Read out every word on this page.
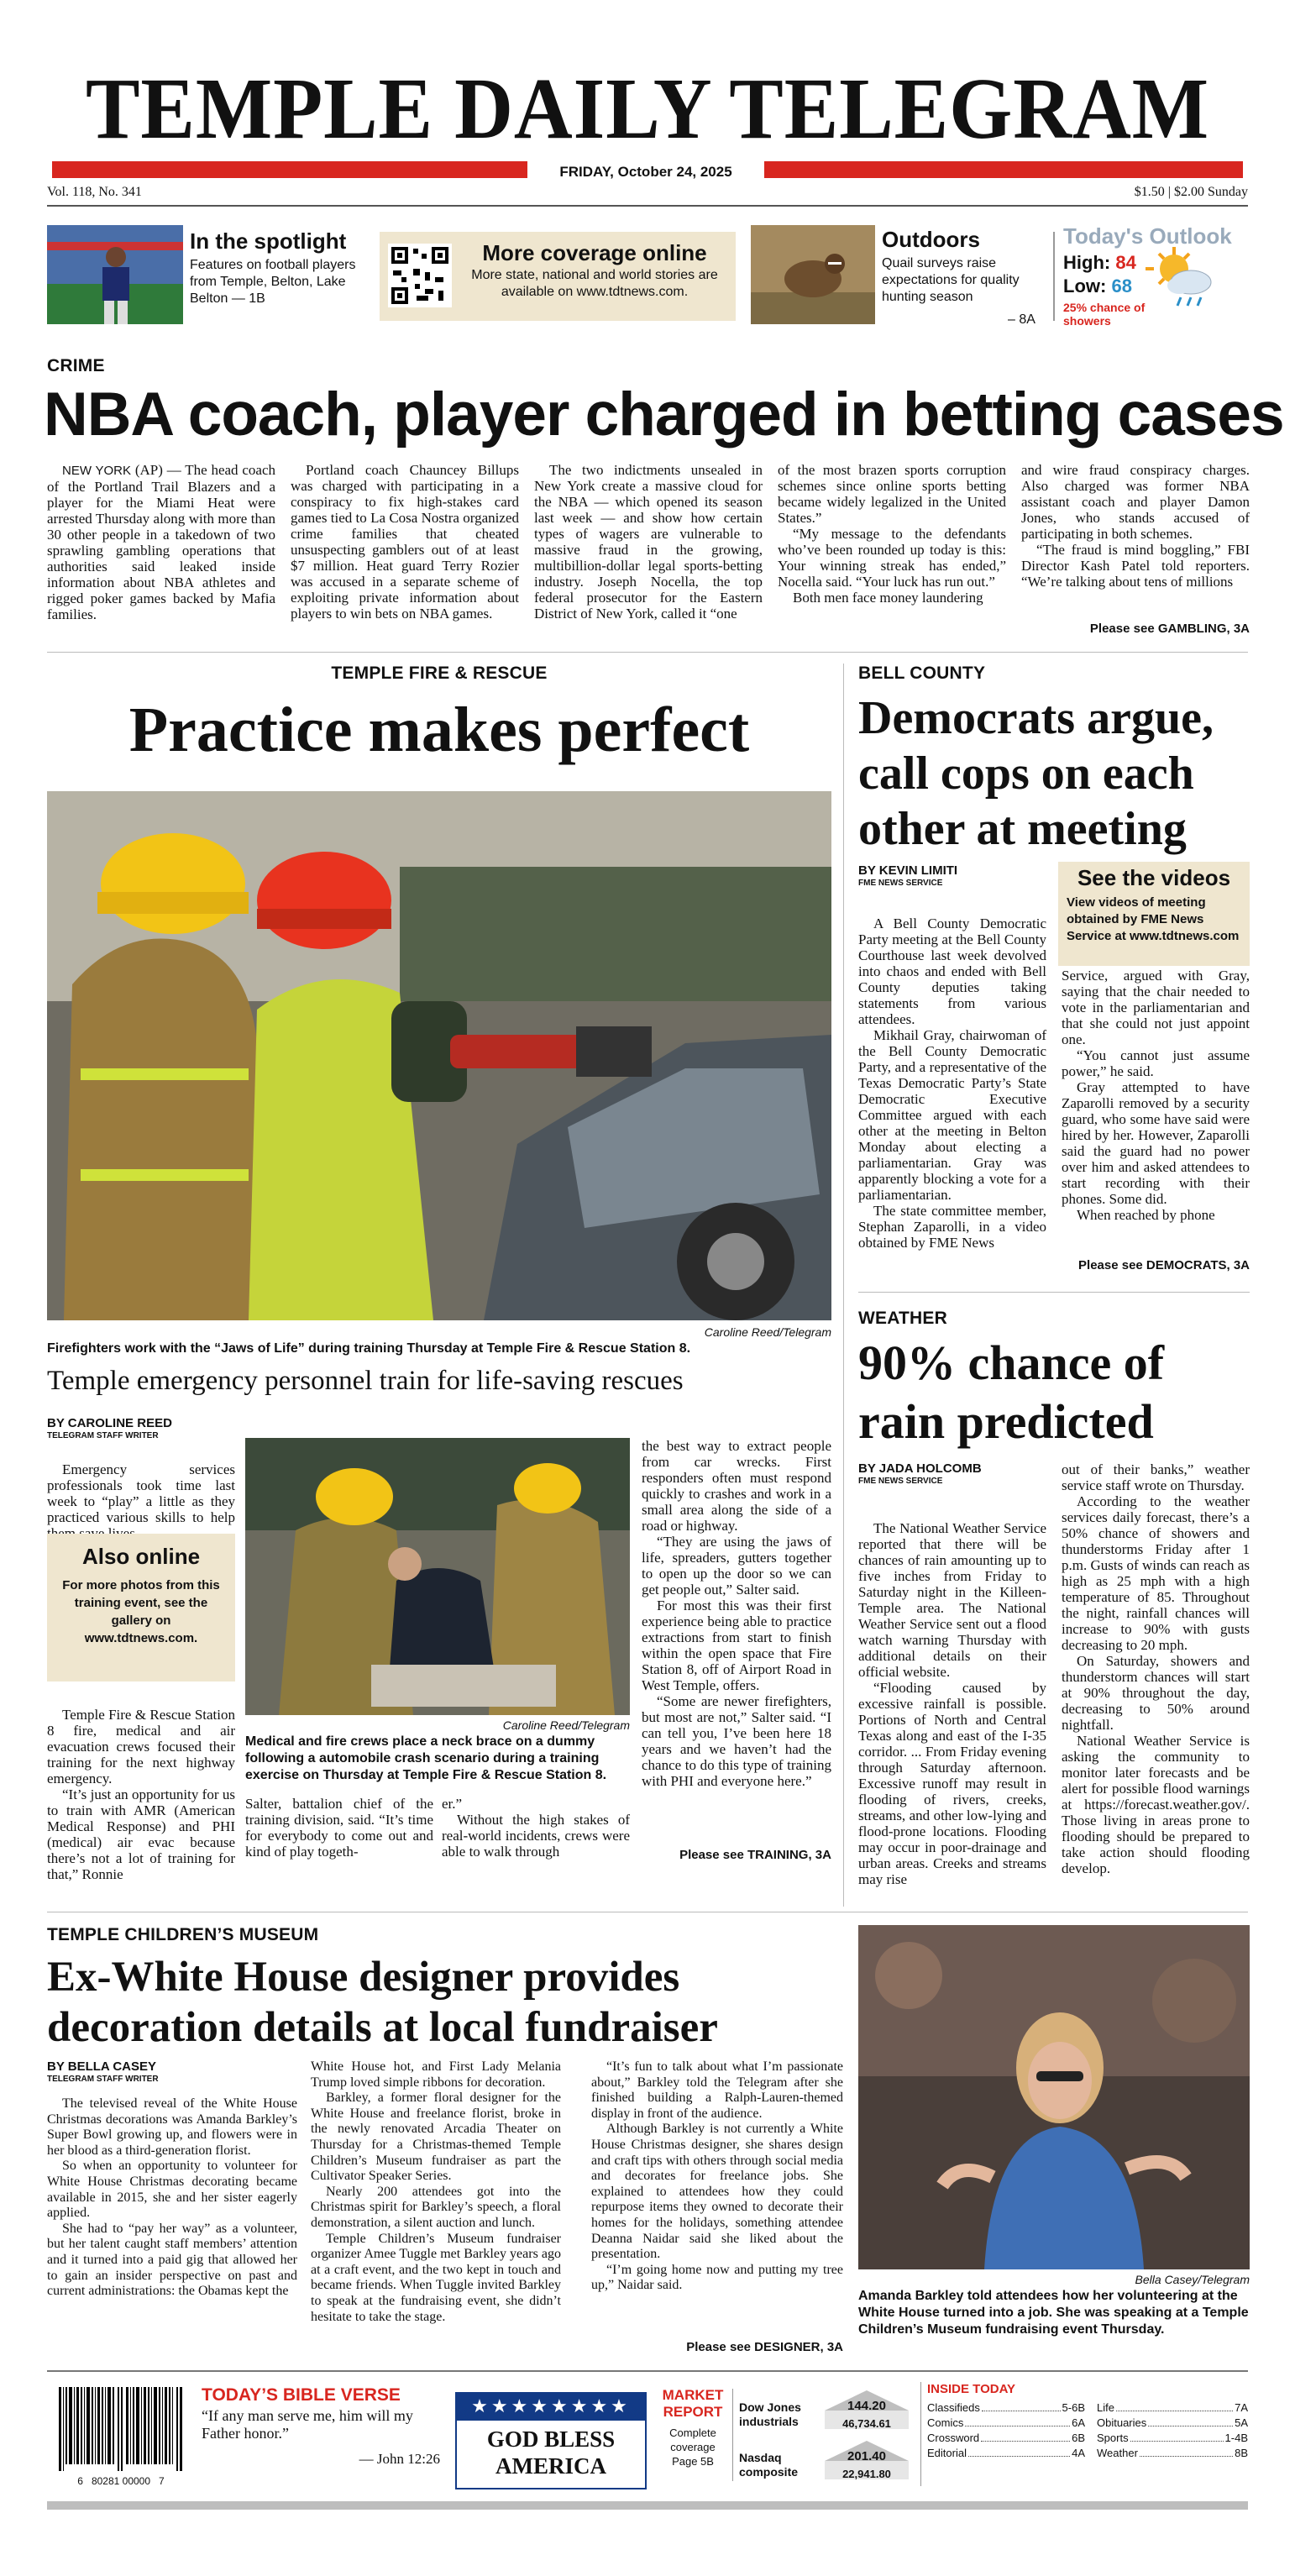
TEMPLE DAILY TELEGRAM
FRIDAY, October 24, 2025
Vol. 118, No. 341	$1.50 | $2.00 Sunday
In the spotlight
Features on football players from Temple, Belton, Lake Belton — 1B
More coverage online
More state, national and world stories are available on www.tdtnews.com.
Outdoors
Quail surveys raise expectations for quality hunting season
– 8A
Today's Outlook
High: 84
Low: 68
25% chance of showers
CRIME
NBA coach, player charged in betting cases

NEW YORK (AP) — The head coach of the Portland Trail Blazers and a player for the Miami Heat were arrested Thursday along with more than 30 other people in a takedown of two sprawling gambling operations that authorities said leaked inside information about NBA athletes and rigged poker games backed by Mafia families.

Portland coach Chauncey Billups was charged with participating in a conspiracy to fix high-stakes card games tied to La Cosa Nostra organized crime families that cheated unsuspecting gamblers out of at least $7 million. Heat guard Terry Rozier was accused in a separate scheme of exploiting private information about players to win bets on NBA games.

The two indictments unsealed in New York create a massive cloud for the NBA — which opened its season last week — and show how certain types of wagers are vulnerable to massive fraud in the growing, multibillion-dollar legal sports-betting industry. Joseph Nocella, the top federal prosecutor for the Eastern District of New York, called it “one

of the most brazen sports corruption schemes since online sports betting became widely legalized in the United States.”

“My message to the defendants who’ve been rounded up today is this: Your winning streak has ended,” Nocella said. “Your luck has run out.”

Both men face money laundering

and wire fraud conspiracy charges. Also charged was former NBA assistant coach and player Damon Jones, who stands accused of participating in both schemes.

“The fraud is mind boggling,” FBI Director Kash Patel told reporters. “We’re talking about tens of millions

Please see GAMBLING, 3A
TEMPLE FIRE & RESCUE
Practice makes perfect
Caroline Reed/Telegram
Firefighters work with the “Jaws of Life” during training Thursday at Temple Fire & Rescue Station 8.
Temple emergency personnel train for life-saving rescues
BY CAROLINE REED
TELEGRAM STAFF WRITER

Emergency services professionals took time last week to “play” a little as they practiced various skills to help

Also online
For more photos from this training event, see the gallery on www.tdtnews.com.

Temple Fire & Rescue Station 8 fire, medical and air evacuation crews focused their training for the next highway emergency.

“It’s just an opportunity for us to train with AMR (American Medical Response) and PHI (medical) air evac because there’s not a lot of training for that,” Ronnie

Caroline Reed/Telegram
Medical and fire crews place a neck brace on a dummy following a automobile crash scenario during a training exercise on Thursday at Temple Fire & Rescue Station 8.

Salter, battalion chief of the training division, said. “It’s time for everybody to come out and kind of play togeth-

er.”

Without the high stakes of real-world incidents, crews were able to walk through

the best way to extract people from car wrecks. First responders often must respond quickly to crashes and work in a small area along the side of a road or highway.

“They are using the jaws of life, spreaders, gutters together to open up the door so we can get people out,” Salter said.

For most this was their first experience being able to practice extractions from start to finish within the open space that Fire Station 8, off of Airport Road in West Temple, offers.

“Some are newer firefighters, but most are not,” Salter said. “I can tell you, I’ve been here 18 years and we haven’t had the chance to do this type of training with PHI and everyone here.”

Please see TRAINING, 3A
BELL COUNTY
Democrats argue, call cops on each other at meeting
BY KEVIN LIMITI
FME NEWS SERVICE	See the videos
View videos of meeting obtained by FME News Service at www.tdtnews.com

A Bell County Democratic Party meeting at the Bell County Courthouse last week devolved into chaos and ended with Bell County deputies taking statements from various attendees.

Mikhail Gray, chairwoman of the Bell County Democratic Party, and a representative of the Texas Democratic Party’s State Democratic Executive Committee argued with each other at the meeting in Belton Monday about electing a parliamentarian. Gray was apparently blocking a vote for a parliamentarian.

The state committee member, Stephan Zaparolli, in a video obtained by FME News

Service, argued with Gray, saying that the chair needed to vote in the parliamentarian and that she could not just appoint one.

“You cannot just assume power,” he said.

Gray attempted to have Zaparolli removed by a security guard, who some have said were hired by her. However, Zaparolli said the guard had no power over him and asked attendees to start recording with their phones. Some did.

When reached by phone

Please see DEMOCRATS, 3A
WEATHER
90% chance of rain predicted
BY JADA HOLCOMB
FME NEWS SERVICE

The National Weather Service reported that there will be chances of rain amounting up to five inches from Friday to Saturday night in the Killeen-Temple area. The National Weather Service sent out a flood watch warning Thursday with additional details on their official website.

“Flooding caused by excessive rainfall is possible. Portions of North and Central Texas along and east of the I-35 corridor. ... From Friday evening through Saturday afternoon. Excessive runoff may result in flooding of rivers, creeks, streams, and other low-lying and flood-prone locations. Flooding may occur in poor-drainage and urban areas. Creeks and streams may rise

out of their banks,” weather service staff wrote on Thursday.

According to the weather services daily forecast, there’s a 50% chance of showers and thunderstorms Friday after 1 p.m. Gusts of winds can reach as high as 25 mph with a high temperature of 85. Throughout the night, rainfall chances will increase to 90% with gusts decreasing to 20 mph.

On Saturday, showers and thunderstorm chances will start at 90% throughout the day, decreasing to 50% around nightfall.

National Weather Service is asking the community to monitor later forecasts and be alert for possible flood warnings at https://forecast.weather.gov/. Those living in areas prone to flooding should be prepared to take action should flooding develop.

TEMPLE CHILDREN’S MUSEUM
Ex-White House designer provides decoration details at local fundraiser
BY BELLA CASEY
TELEGRAM STAFF WRITER

The televised reveal of the White House Christmas decorations was Amanda Barkley’s Super Bowl growing up, and flowers were in her blood as a third-generation florist.

So when an opportunity to volunteer for White House Christmas decorating became available in 2015, she and her sister eagerly applied.

She had to “pay her way” as a volunteer, but her talent caught staff members’ attention and it turned into a paid gig that allowed her to gain an insider perspective on past and current administrations: the Obamas kept the

White House hot, and First Lady Melania Trump loved simple ribbons for decoration.

Barkley, a former floral designer for the White House and freelance florist, broke in the newly renovated Arcadia Theater on Thursday for a Christmas-themed Temple Children’s Museum fundraiser as part the Cultivator Speaker Series.

Nearly 200 attendees got into the Christmas spirit for Barkley’s speech, a floral demonstration, a silent auction and lunch.

Temple Children’s Museum fundraiser organizer Amee Tuggle met Barkley years ago at a craft event, and the two kept in touch and became friends. When Tuggle invited Barkley to speak at the fundraising event, she didn’t hesitate to take the stage.

“It’s fun to talk about what I’m passionate about,” Barkley told the Telegram after she finished building a Ralph-Lauren-themed display in front of the audience.

Although Barkley is not currently a White House Christmas designer, she shares design and craft tips with others through social media and decorates for freelance jobs. She explained to attendees how they could repurpose items they owned to decorate their homes for the holidays, something attendee Deanna Naidar said she liked about the presentation.

“I’m going home now and putting my tree up,” Naidar said.

Please see DESIGNER, 3A
Bella Casey/Telegram
Amanda Barkley told attendees how her volunteering at the White House turned into a job. She was speaking at a Temple Children’s Museum fundraising event Thursday.
6   80281 00000   7
TODAY’S BIBLE VERSE
“If any man serve me, him will my Father honor.”
— John 12:26
★★★★★★★★
GOD BLESS
AMERICA
MARKET
REPORT
Complete coverage Page 5B
Dow Jones industrials
144.20
46,734.61
Nasdaq composite
201.40
22,941.80
INSIDE TODAY
Classifieds	5-6B
Comics	6A
Crossword	6B
Editorial	4A
Life	7A
Obituaries	5A
Sports	1-4B
Weather	8B
